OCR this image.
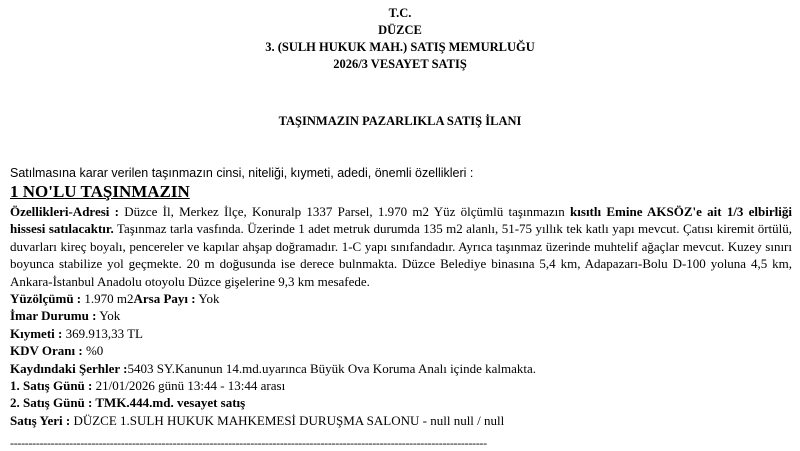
T.C.
DÜZCE
3. (SULH HUKUK MAH.) SATIŞ MEMURLUĞU
2026/3 VESAYET SATIŞ
TAŞINMAZIN PAZARLIKLA SATIŞ İLANI
Satılmasına karar verilen taşınmazın cinsi, niteliği, kıymeti, adedi, önemli özellikleri :
1 NO'LU TAŞINMAZIN
Özellikleri-Adresi : Düzce İl, Merkez İlçe, Konuralp 1337 Parsel, 1.970 m2 Yüz ölçümlü taşınmazın kısıtlı Emine AKSÖZ'e ait 1/3 elbirliği hissesi satılacaktır. Taşınmaz tarla vasfında. Üzerinde 1 adet metruk durumda 135 m2 alanlı, 51-75 yıllık tek katlı yapı mevcut. Çatısı kiremit örtülü, duvarları kireç boyalı, pencereler ve kapılar ahşap doğramadır. 1-C yapı sınıfandadır. Ayrıca taşınmaz üzerinde muhtelif ağaçlar mevcut. Kuzey sınırı boyunca stabilize yol geçmekte. 20 m doğusunda ise derece bulnmakta. Düzce Belediye binasına 5,4 km, Adapazarı-Bolu D-100 yoluna 4,5 km, Ankara-İstanbul Anadolu otoyolu Düzce gişelerine 9,3 km mesafede.
Yüzölçümü : 1.970 m2Arsa Payı : Yok
İmar Durumu : Yok
Kıymeti : 369.913,33 TL
KDV Oranı : %0
Kaydındaki Şerhler :5403 SY.Kanunun 14.md.uyarınca Büyük Ova Koruma Analı içinde kalmakta.
1. Satış Günü : 21/01/2026 günü 13:44 - 13:44 arası
2. Satış Günü : TMK.444.md. vesayet satış
Satış Yeri : DÜZCE 1.SULH HUKUK MAHKEMESİ DURUŞMA SALONU - null null / null
---------------------------------------------------------------------------------------------------------------------------------
